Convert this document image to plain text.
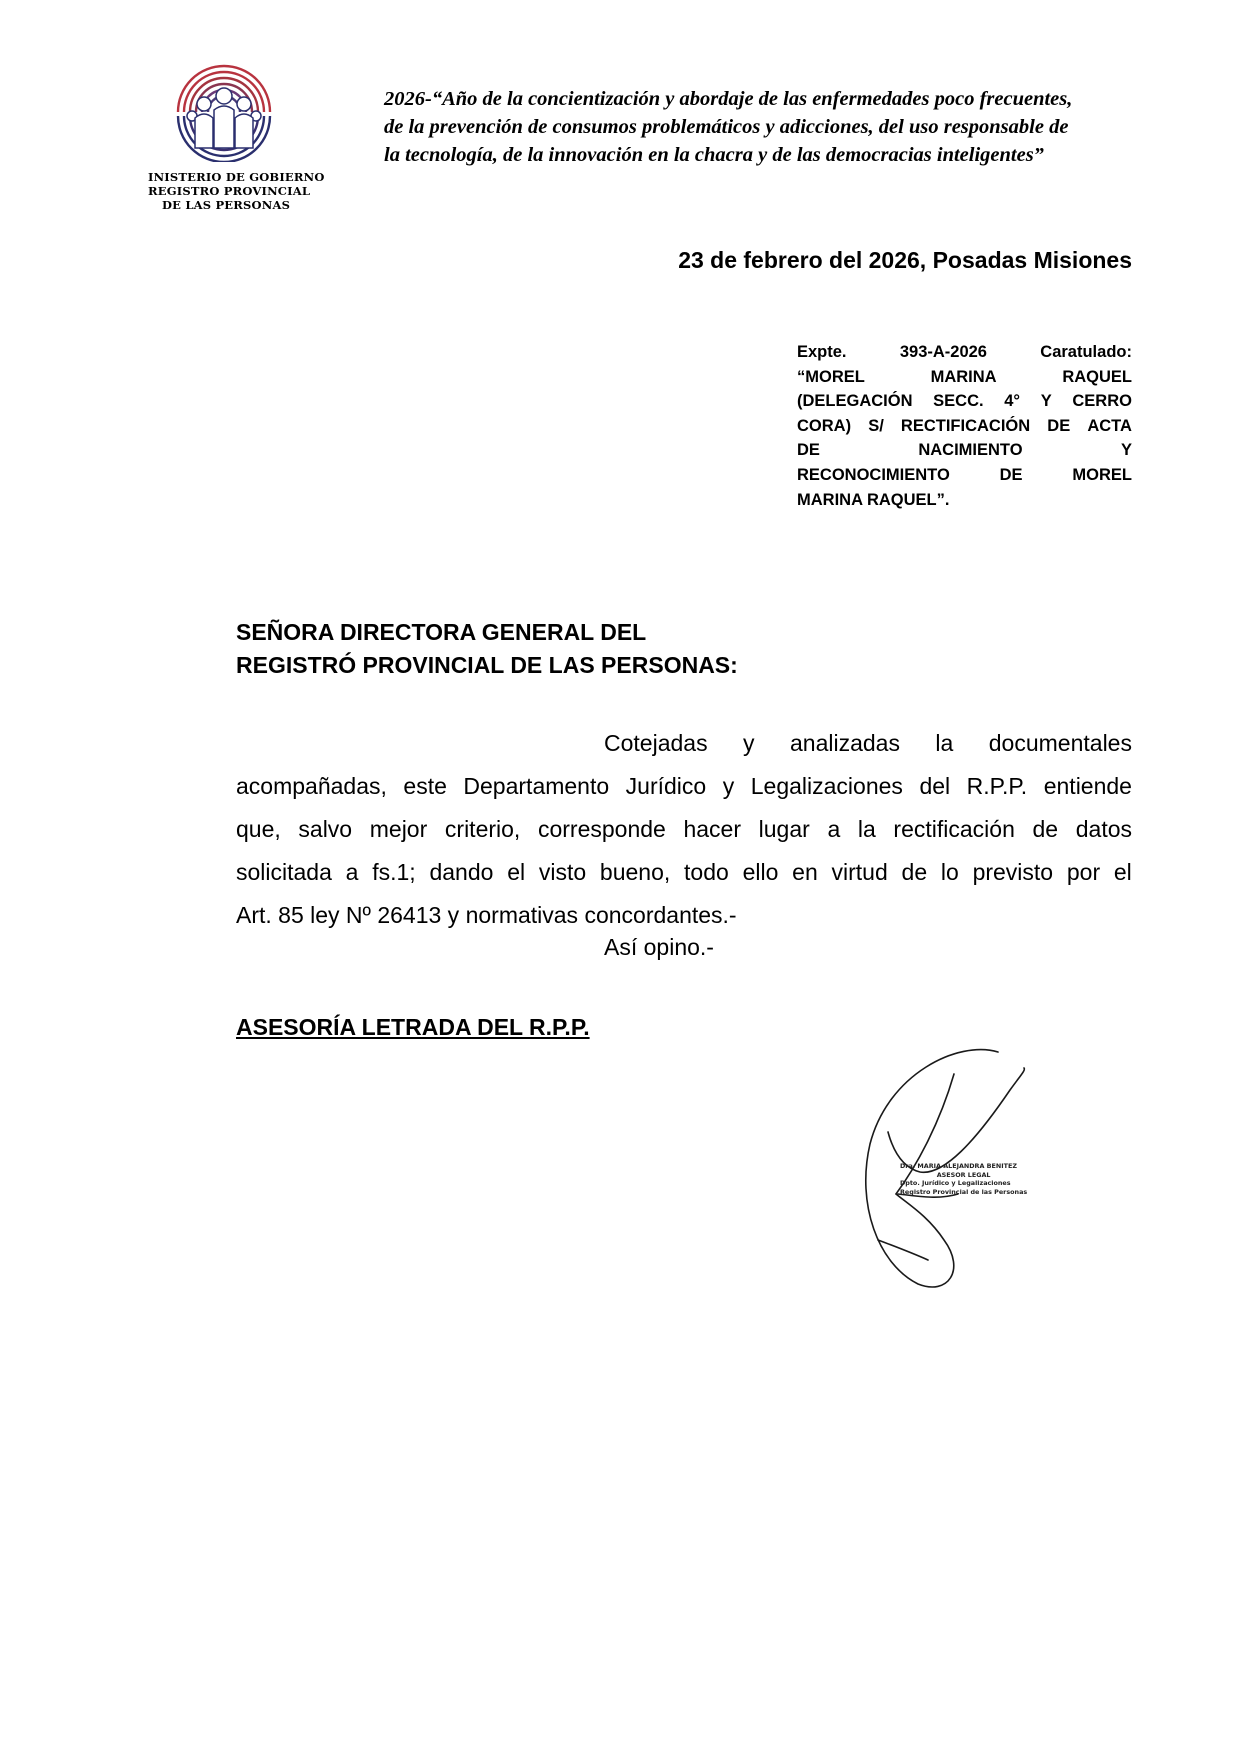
INISTERIO DE GOBIERNO
REGISTRO PROVINCIAL
DE LAS PERSONAS
2026-“Año de la concientización y abordaje de las enfermedades poco frecuentes,
de la prevención de consumos problemáticos y adicciones, del uso responsable de
la tecnología, de la innovación en la chacra y de las democracias inteligentes”
23 de febrero del 2026, Posadas Misiones
Expte.	393-A-2026	Caratulado:
“MOREL	MARINA	RAQUEL
(DELEGACIÓN SECC. 4° Y CERRO
CORA) S/ RECTIFICACIÓN DE ACTA
DE	NACIMIENTO	Y
RECONOCIMIENTO	DE	MOREL
MARINA RAQUEL”.
SEÑORA DIRECTORA GENERAL DEL
REGISTRÓ PROVINCIAL DE LAS PERSONAS:
Cotejadas y analizadas la documentales
acompañadas, este Departamento Jurídico y Legalizaciones del R.P.P. entiende
que, salvo mejor criterio, corresponde hacer lugar a la rectificación de datos
solicitada a fs.1; dando el visto bueno, todo ello en virtud de lo previsto por el
Art. 85 ley Nº 26413 y normativas concordantes.-
Así opino.-
ASESORÍA LETRADA DEL R.P.P.
Dra. MARIA ALEJANDRA BENITEZ
ASESOR LEGAL
Dpto. Jurídico y Legalizaciones
Registro Provincial de las Personas
